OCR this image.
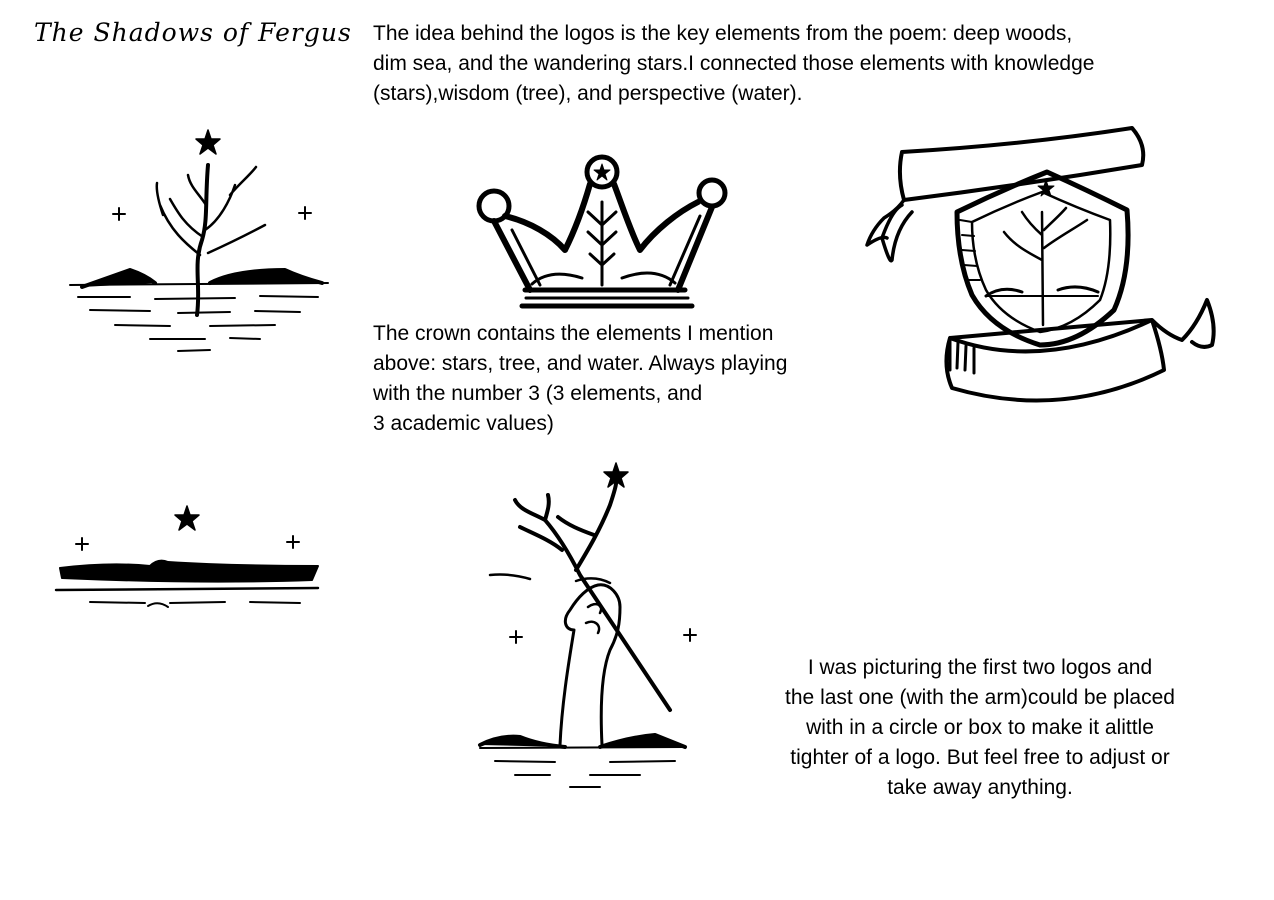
The Shadows of Fergus The idea behind the logos is the key elements from the poem: deep woods,

dim sea, and the wandering stars.I connected those elements with knowledge

(stars),wisdom (tree), and perspective (water).

The crown contains the elements I mention

above: stars, tree, and water. Always playing

with the number 3 (3 elements, and

3 academic values)

I was picturing the first two logos and

the last one (with the arm)could be placed

with in a circle or box to make it alittle

tighter of a logo. But feel free to adjust or

take away anything.
